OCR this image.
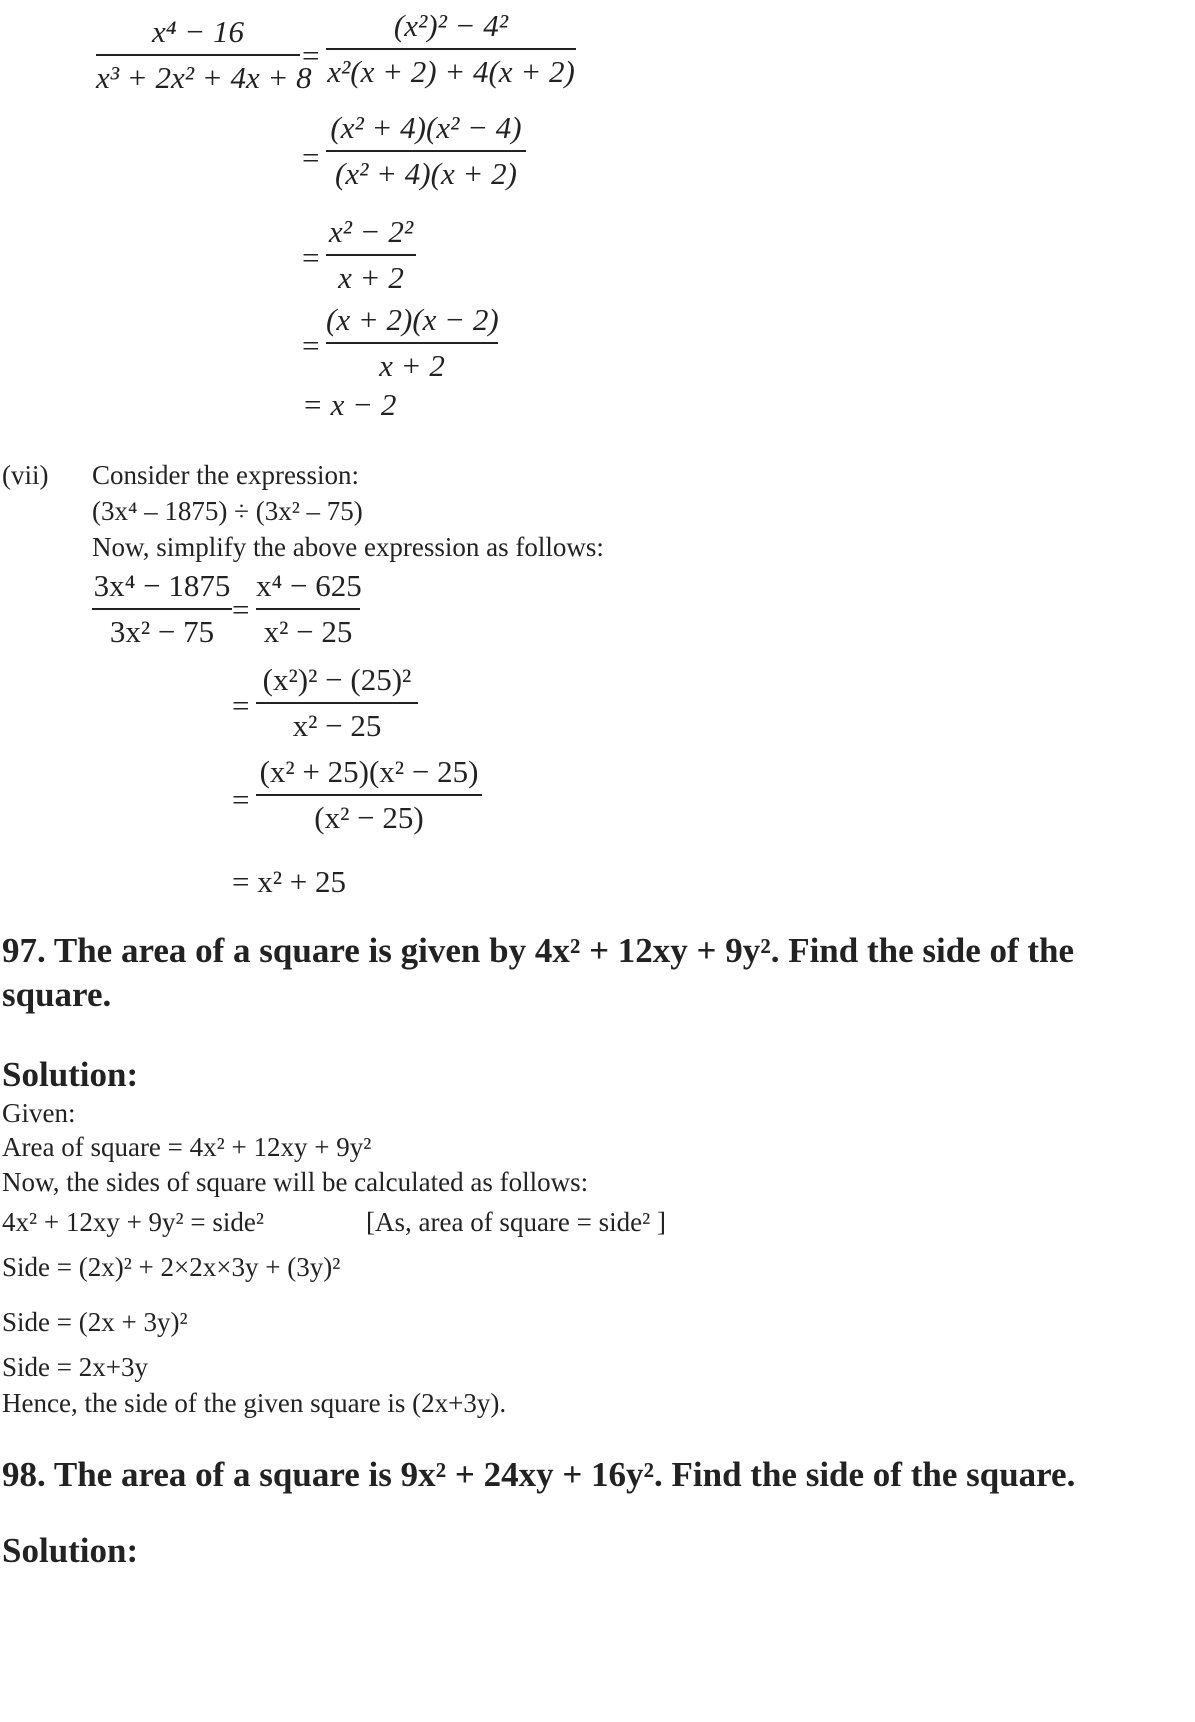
x⁴ − 16
x³ + 2x² + 4x + 8
=
(x²)² − 4²
x²(x + 2) + 4(x + 2)
=
(x² + 4)(x² − 4)
(x² + 4)(x + 2)
=
x² − 2²
x + 2
=
(x + 2)(x − 2)
x + 2
= x − 2
(vii) Consider the expression:
(3x⁴ – 1875) ÷ (3x² – 75)
Now, simplify the above expression as follows:
3x⁴ − 1875
3x² − 75
=
x⁴ − 625
x² − 25
=
(x²)² − (25)²
x² − 25
=
(x² + 25)(x² − 25)
(x² − 25)
= x² + 25
97. The area of a square is given by 4x² + 12xy + 9y². Find the side of the
square.
Solution:
Given:
Area of square = 4x² + 12xy + 9y²
Now, the sides of square will be calculated as follows:
4x² + 12xy + 9y² = side²	[As, area of square = side² ]
Side = (2x)² + 2×2x×3y + (3y)²
Side = (2x + 3y)²
Side = 2x+3y
Hence, the side of the given square is (2x+3y).
98. The area of a square is 9x² + 24xy + 16y². Find the side of the square.
Solution:
